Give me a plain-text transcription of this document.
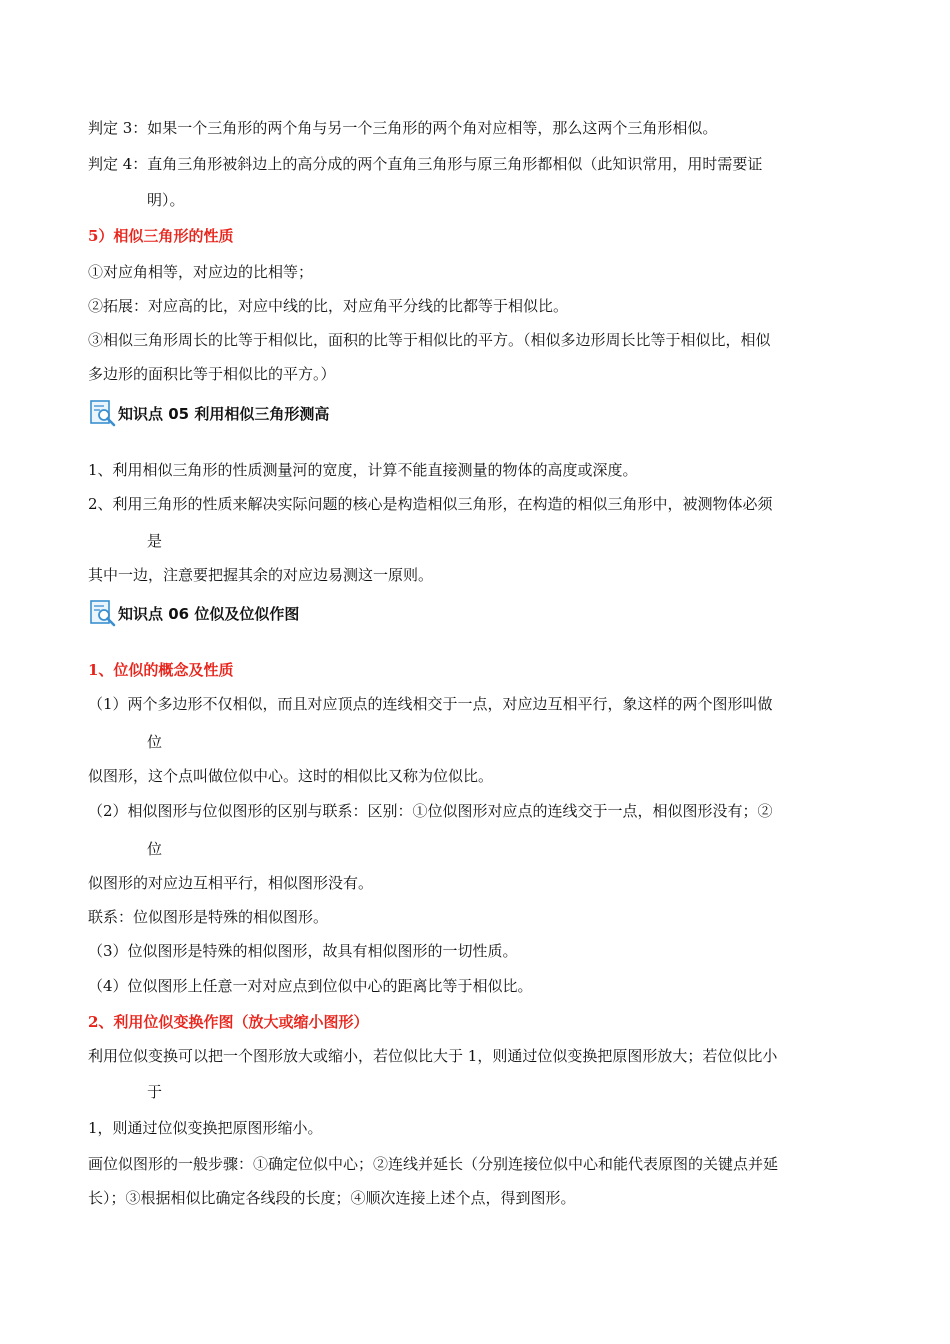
判定 3：如果一个三角形的两个角与另一个三角形的两个角对应相等，那么这两个三角形相似。
判定 4：直角三角形被斜边上的高分成的两个直角三角形与原三角形都相似（此知识常用，用时需要证
明）。
5）相似三角形的性质
①对应角相等，对应边的比相等；
②拓展：对应高的比，对应中线的比，对应角平分线的比都等于相似比。
③相似三角形周长的比等于相似比，面积的比等于相似比的平方。（相似多边形周长比等于相似比，相似
多边形的面积比等于相似比的平方。）
知识点 05 利用相似三角形测高
1、利用相似三角形的性质测量河的宽度，计算不能直接测量的物体的高度或深度。
2、利用三角形的性质来解决实际问题的核心是构造相似三角形，在构造的相似三角形中，被测物体必须
是
其中一边，注意要把握其余的对应边易测这一原则。
知识点 06 位似及位似作图
1、位似的概念及性质
（1）两个多边形不仅相似，而且对应顶点的连线相交于一点，对应边互相平行，象这样的两个图形叫做
位
似图形，这个点叫做位似中心。这时的相似比又称为位似比。
（2）相似图形与位似图形的区别与联系：区别：①位似图形对应点的连线交于一点，相似图形没有；②
位
似图形的对应边互相平行，相似图形没有。
联系：位似图形是特殊的相似图形。
（3）位似图形是特殊的相似图形，故具有相似图形的一切性质。
（4）位似图形上任意一对对应点到位似中心的距离比等于相似比。
2、利用位似变换作图（放大或缩小图形）
利用位似变换可以把一个图形放大或缩小，若位似比大于 1，则通过位似变换把原图形放大；若位似比小
于
1，则通过位似变换把原图形缩小。
画位似图形的一般步骤：①确定位似中心；②连线并延长（分别连接位似中心和能代表原图的关键点并延
长）；③根据相似比确定各线段的长度；④顺次连接上述个点，得到图形。
